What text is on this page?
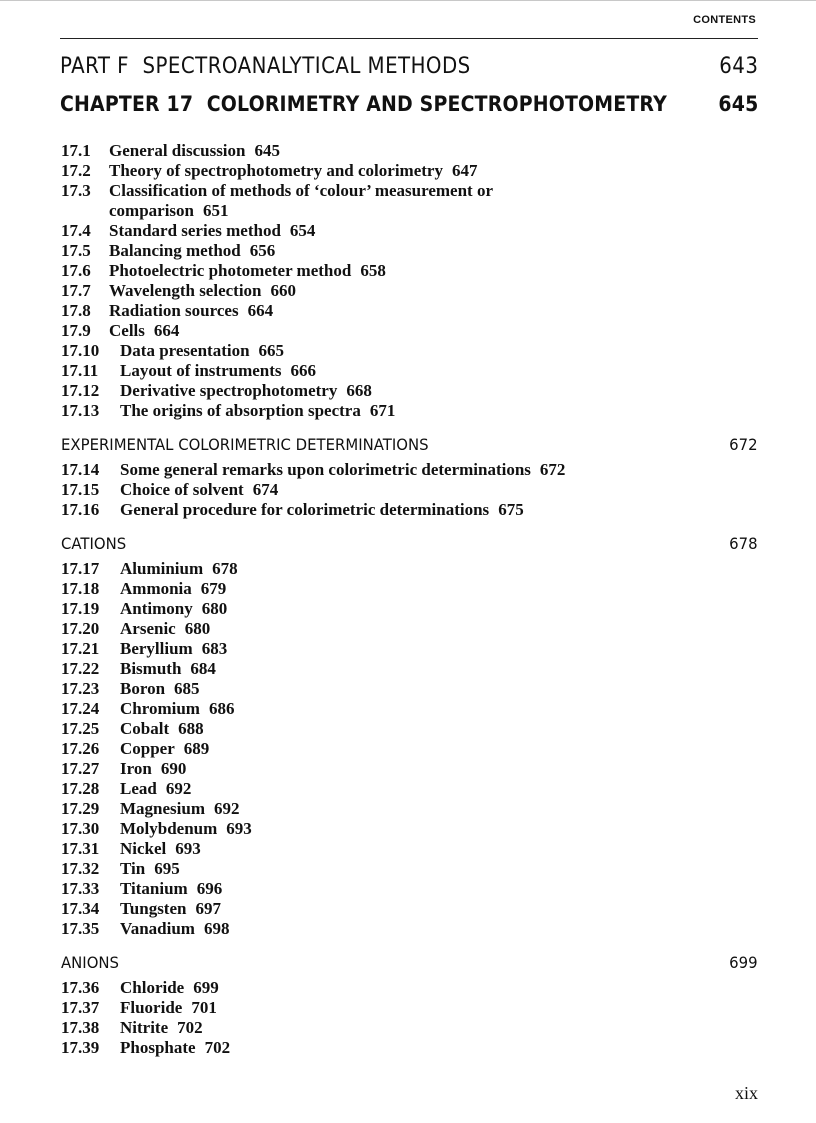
CONTENTS
PART F  SPECTROANALYTICAL METHODS	643
CHAPTER 17  COLORIMETRY AND SPECTROPHOTOMETRY 645
17.1 General discussion 645
17.2 Theory of spectrophotometry and colorimetry 647
17.3 Classification of methods of ‘colour’ measurement or
comparison 651
17.4 Standard series method 654
17.5 Balancing method 656
17.6 Photoelectric photometer method 658
17.7 Wavelength selection 660
17.8 Radiation sources 664
17.9 Cells 664
17.10 Data presentation 665
17.11 Layout of instruments 666
17.12 Derivative spectrophotometry 668
17.13 The origins of absorption spectra 671
EXPERIMENTAL COLORIMETRIC DETERMINATIONS	672
17.14 Some general remarks upon colorimetric determinations 672
17.15 Choice of solvent 674
17.16 General procedure for colorimetric determinations 675
CATIONS	678
17.17 Aluminium 678
17.18 Ammonia 679
17.19 Antimony 680
17.20 Arsenic 680
17.21 Beryllium 683
17.22 Bismuth 684
17.23 Boron 685
17.24 Chromium 686
17.25 Cobalt 688
17.26 Copper 689
17.27 Iron 690
17.28 Lead 692
17.29 Magnesium 692
17.30 Molybdenum 693
17.31 Nickel 693
17.32 Tin 695
17.33 Titanium 696
17.34 Tungsten 697
17.35 Vanadium 698
ANIONS	699
17.36 Chloride 699
17.37 Fluoride 701
17.38 Nitrite 702
17.39 Phosphate 702
xix
